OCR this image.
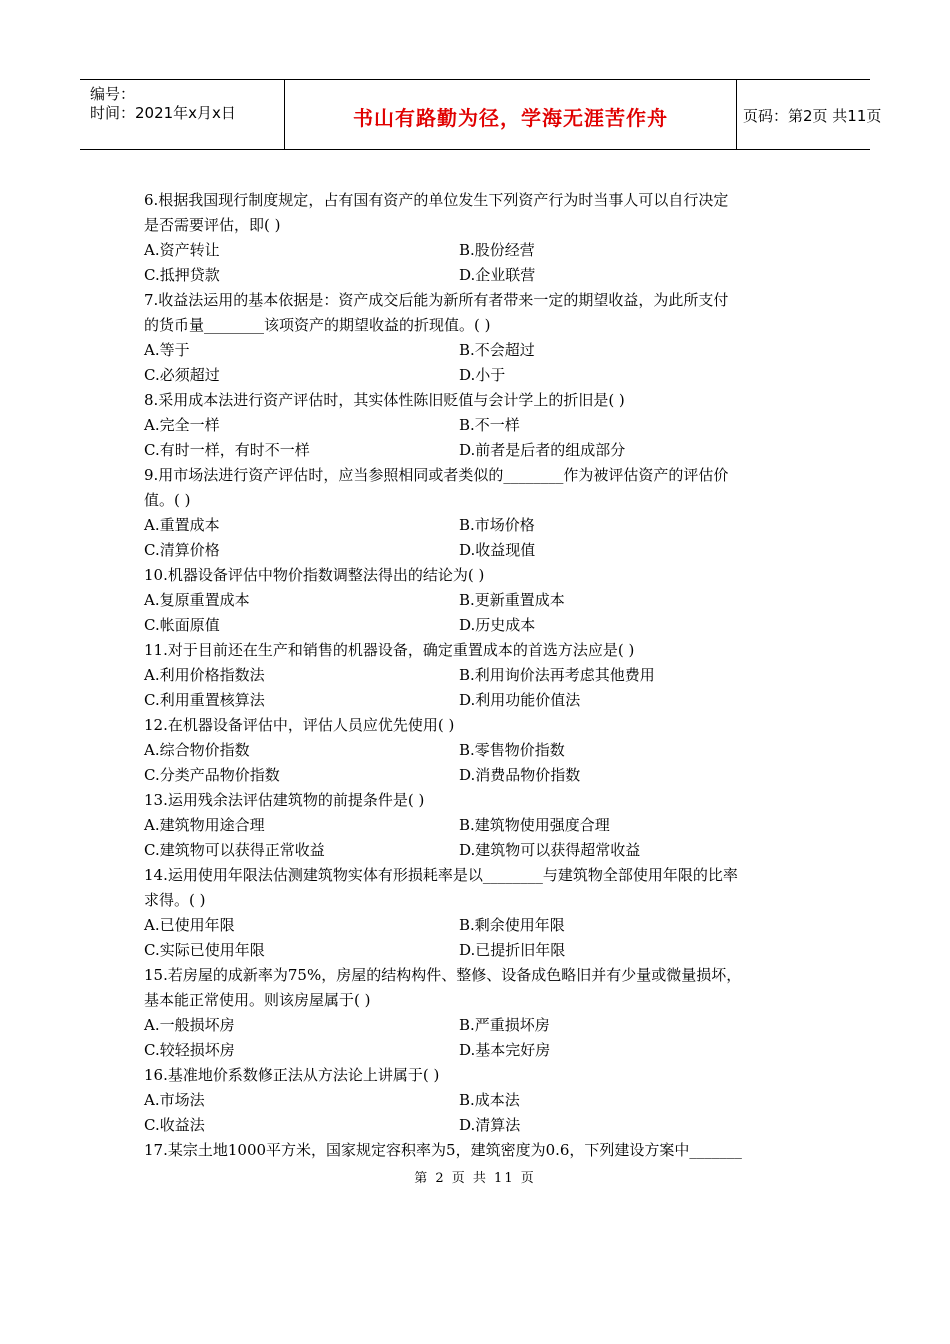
编号：
时间：2021年x月x日	书山有路勤为径，学海无涯苦作舟	页码：第2页 共11页
6.根据我国现行制度规定，占有国有资产的单位发生下列资产行为时当事人可以自行决定
是否需要评估，即( )
A.资产转让	B.股份经营
C.抵押贷款	D.企业联营
7.收益法运用的基本依据是：资产成交后能为新所有者带来一定的期望收益，为此所支付
的货币量________该项资产的期望收益的折现值。( )
A.等于	B.不会超过
C.必须超过	D.小于
8.采用成本法进行资产评估时，其实体性陈旧贬值与会计学上的折旧是( )
A.完全一样	B.不一样
C.有时一样，有时不一样	D.前者是后者的组成部分
9.用市场法进行资产评估时，应当参照相同或者类似的________作为被评估资产的评估价
值。( )
A.重置成本	B.市场价格
C.清算价格	D.收益现值
10.机器设备评估中物价指数调整法得出的结论为( )
A.复原重置成本	B.更新重置成本
C.帐面原值	D.历史成本
11.对于目前还在生产和销售的机器设备，确定重置成本的首选方法应是( )
A.利用价格指数法	B.利用询价法再考虑其他费用
C.利用重置核算法	D.利用功能价值法
12.在机器设备评估中，评估人员应优先使用( )
A.综合物价指数	B.零售物价指数
C.分类产品物价指数	D.消费品物价指数
13.运用残余法评估建筑物的前提条件是( )
A.建筑物用途合理	B.建筑物使用强度合理
C.建筑物可以获得正常收益	D.建筑物可以获得超常收益
14.运用使用年限法估测建筑物实体有形损耗率是以________与建筑物全部使用年限的比率
求得。( )
A.已使用年限	B.剩余使用年限
C.实际已使用年限	D.已提折旧年限
15.若房屋的成新率为75%，房屋的结构构件、整修、设备成色略旧并有少量或微量损坏，
基本能正常使用。则该房屋属于( )
A.一般损坏房	B.严重损坏房
C.较轻损坏房	D.基本完好房
16.基准地价系数修正法从方法论上讲属于( )
A.市场法	B.成本法
C.收益法	D.清算法
17.某宗土地1000平方米，国家规定容积率为5，建筑密度为0.6，下列建设方案中_______
第 2 页 共 11 页
